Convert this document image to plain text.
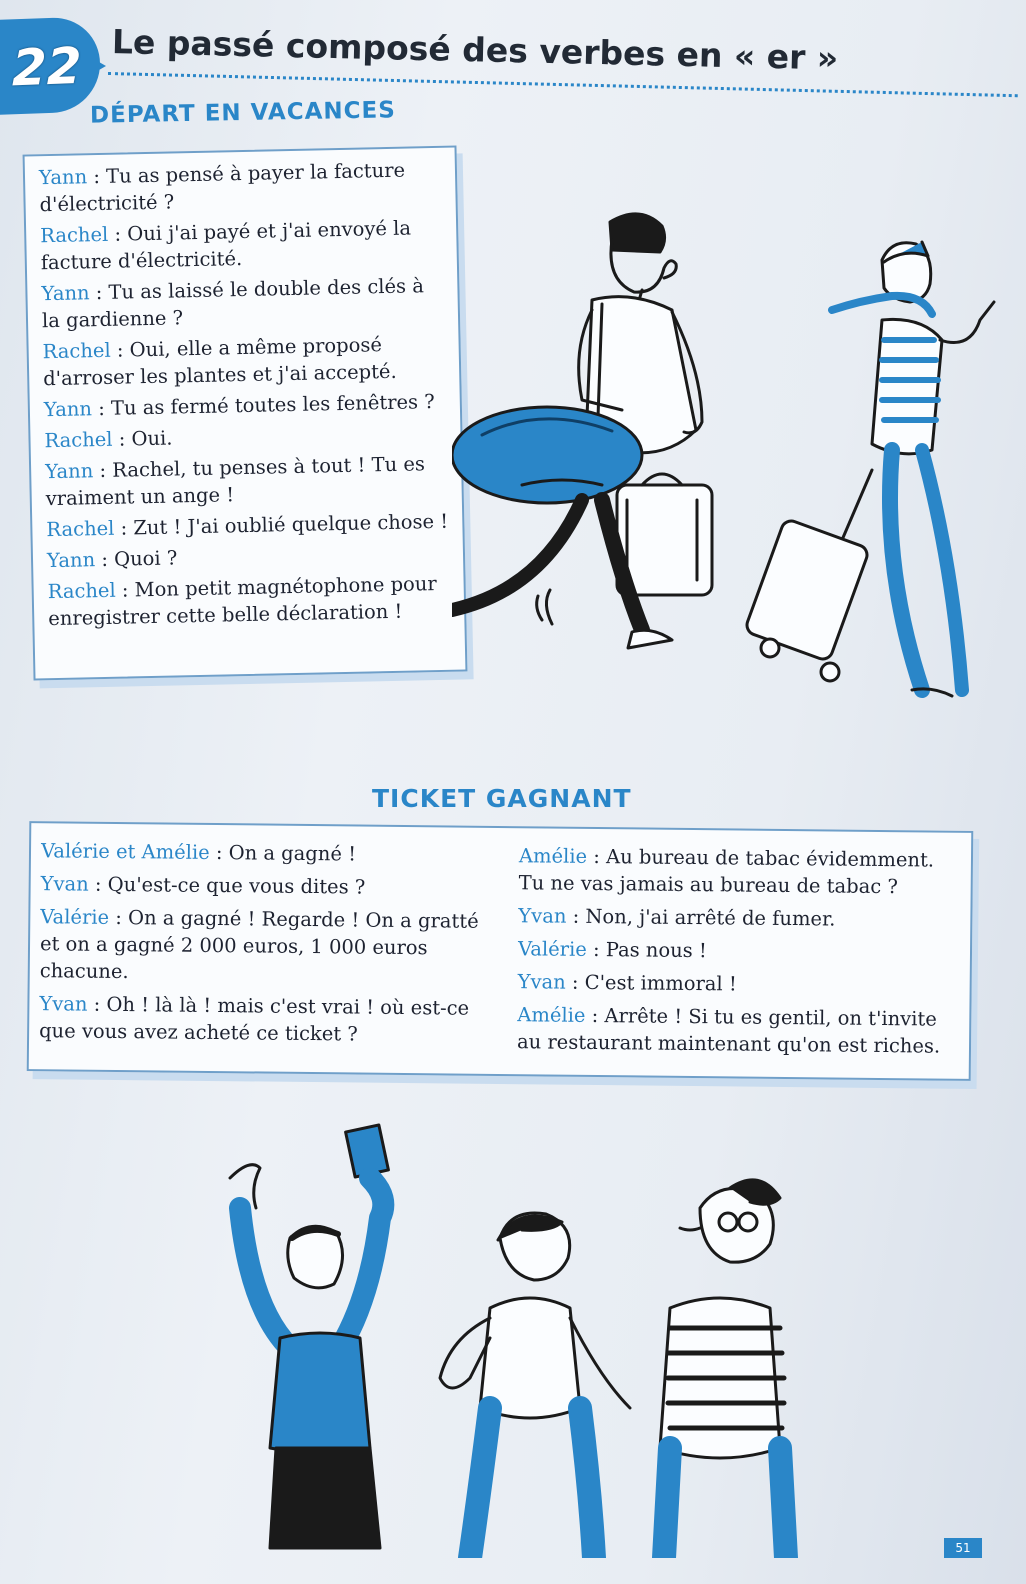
22 Le passé composé des verbes en « er »
DÉPART EN VACANCES
Yann : Tu as pensé à payer la facture d'électricité ?
Rachel : Oui j'ai payé et j'ai envoyé la facture d'électricité.
Yann : Tu as laissé le double des clés à la gardienne ?
Rachel : Oui, elle a même proposé d'arroser les plantes et j'ai accepté.
Yann : Tu as fermé toutes les fenêtres ?
Rachel : Oui.
Yann : Rachel, tu penses à tout ! Tu es vraiment un ange !
Rachel : Zut ! J'ai oublié quelque chose !
Yann : Quoi ?
Rachel : Mon petit magnétophone pour enregistrer cette belle déclaration !
TICKET GAGNANT
Valérie et Amélie : On a gagné !
Yvan : Qu'est-ce que vous dites ?
Valérie : On a gagné ! Regarde ! On a gratté et on a gagné 2 000 euros, 1 000 euros chacune.
Yvan : Oh ! là là ! mais c'est vrai ! où est-ce que vous avez acheté ce ticket ?
Amélie : Au bureau de tabac évidemment. Tu ne vas jamais au bureau de tabac ?
Yvan : Non, j'ai arrêté de fumer.
Valérie : Pas nous !
Yvan : C'est immoral !
Amélie : Arrête ! Si tu es gentil, on t'invite au restaurant maintenant qu'on est riches.
51
